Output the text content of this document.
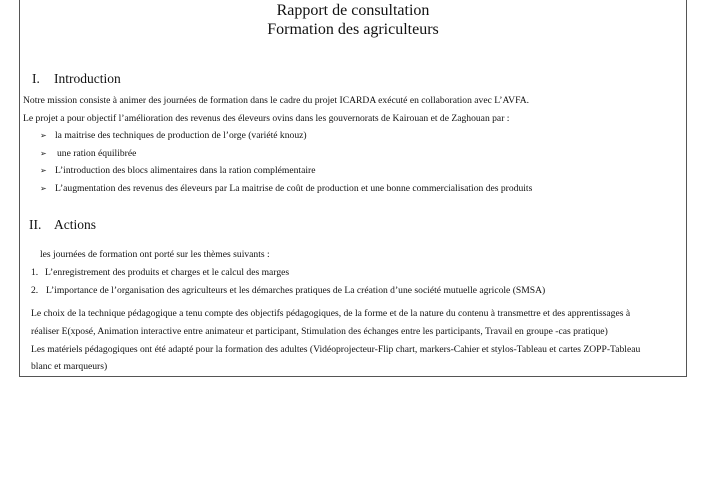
Rapport de consultation
Formation des agriculteurs
I. Introduction
Notre mission consiste à animer des journées de formation dans le cadre du projet ICARDA exécuté en collaboration avec L’AVFA.
Le projet a pour objectif l’amélioration des revenus des éleveurs ovins dans les gouvernorats de Kairouan et de Zaghouan par :
➢ la maitrise des techniques de production de l’orge (variété knouz)
➢ une ration équilibrée
➢ L’introduction des blocs alimentaires dans la ration complémentaire
➢ L’augmentation des revenus des éleveurs par La maitrise de coût de production et une bonne commercialisation des produits
II. Actions
les journées de formation ont porté sur les thèmes suivants :
1. L’enregistrement des produits et charges et le calcul des marges
2. L’importance de l’organisation des agriculteurs et les démarches pratiques de La création d’une société mutuelle agricole (SMSA)
Le choix de la technique pédagogique a tenu compte des objectifs pédagogiques, de la forme et de la nature du contenu à transmettre et des apprentissages à
réaliser E(xposé, Animation interactive entre animateur et participant, Stimulation des échanges entre les participants, Travail en groupe -cas pratique)
Les matériels pédagogiques ont été adapté pour la formation des adultes (Vidéoprojecteur-Flip chart, markers-Cahier et stylos-Tableau et cartes ZOPP-Tableau
blanc et marqueurs)
